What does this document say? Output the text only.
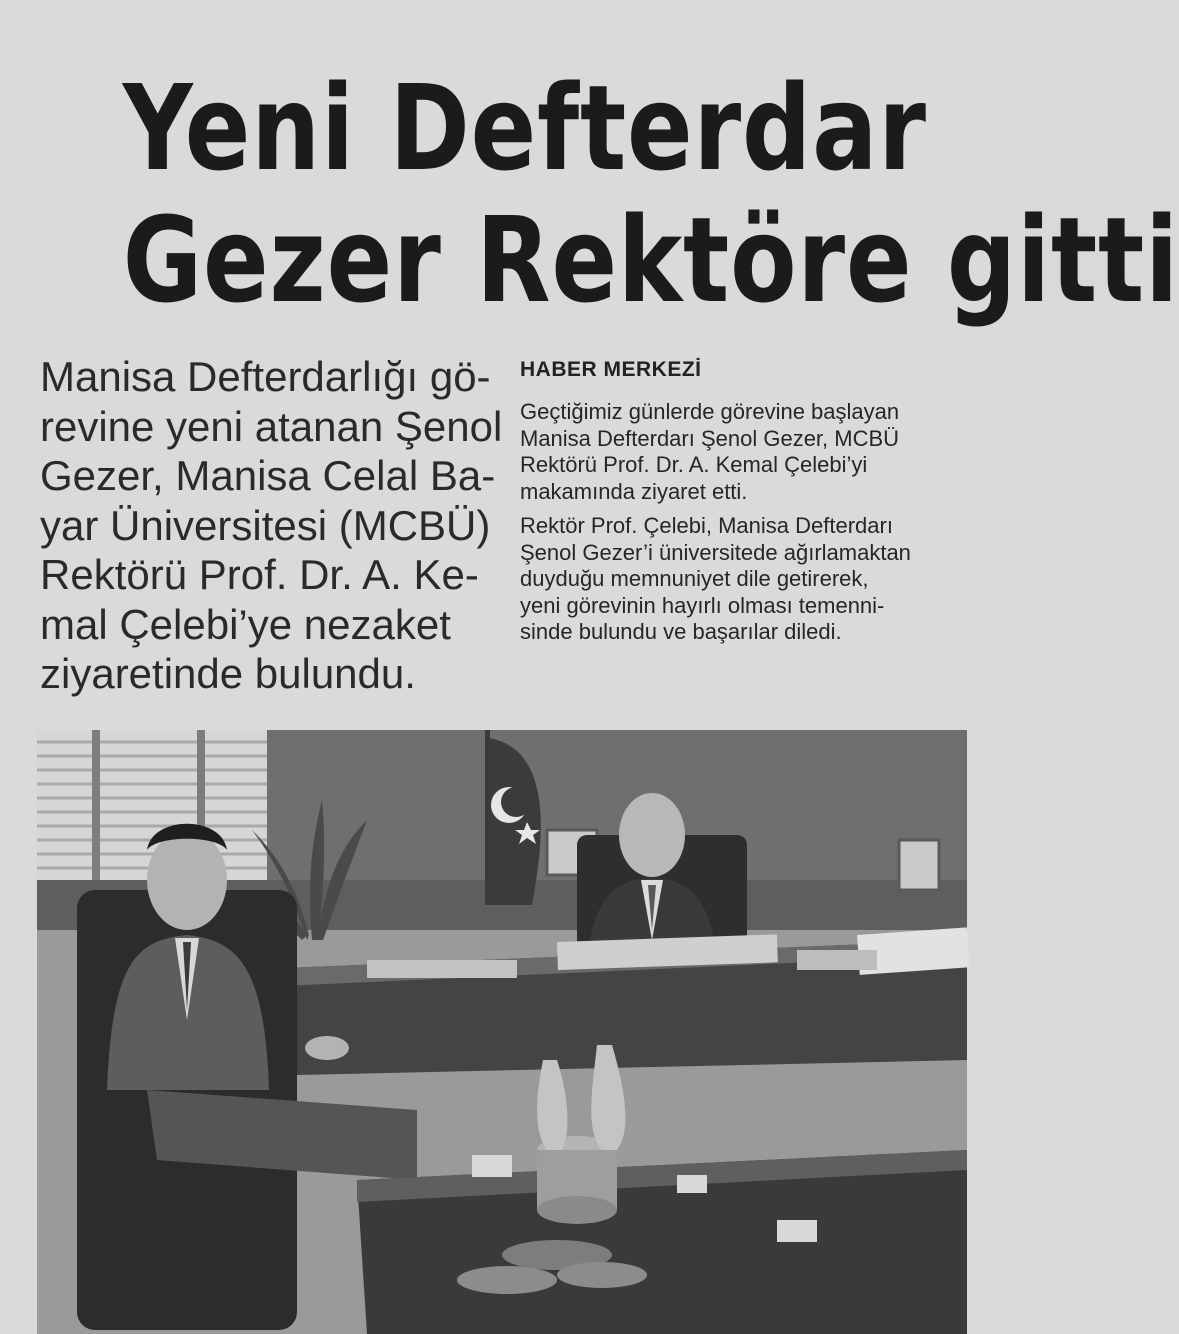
Yeni Defterdar
Gezer Rektöre gitti
Manisa Defterdarlığı gö-
revine yeni atanan Şenol
Gezer, Manisa Celal Ba-
yar Üniversitesi (MCBÜ)
Rektörü Prof. Dr. A. Ke-
mal Çelebi’ye nezaket
ziyaretinde bulundu.
HABER MERKEZİ
Geçtiğimiz günlerde görevine başlayan
Manisa Defterdarı Şenol Gezer, MCBÜ
Rektörü Prof. Dr. A. Kemal Çelebi’yi
makamında ziyaret etti.
Rektör Prof. Çelebi, Manisa Defterdarı
Şenol Gezer’i üniversitede ağırlamaktan
duyduğu memnuniyet dile getirerek,
yeni görevinin hayırlı olması temenni-
sinde bulundu ve başarılar diledi.
